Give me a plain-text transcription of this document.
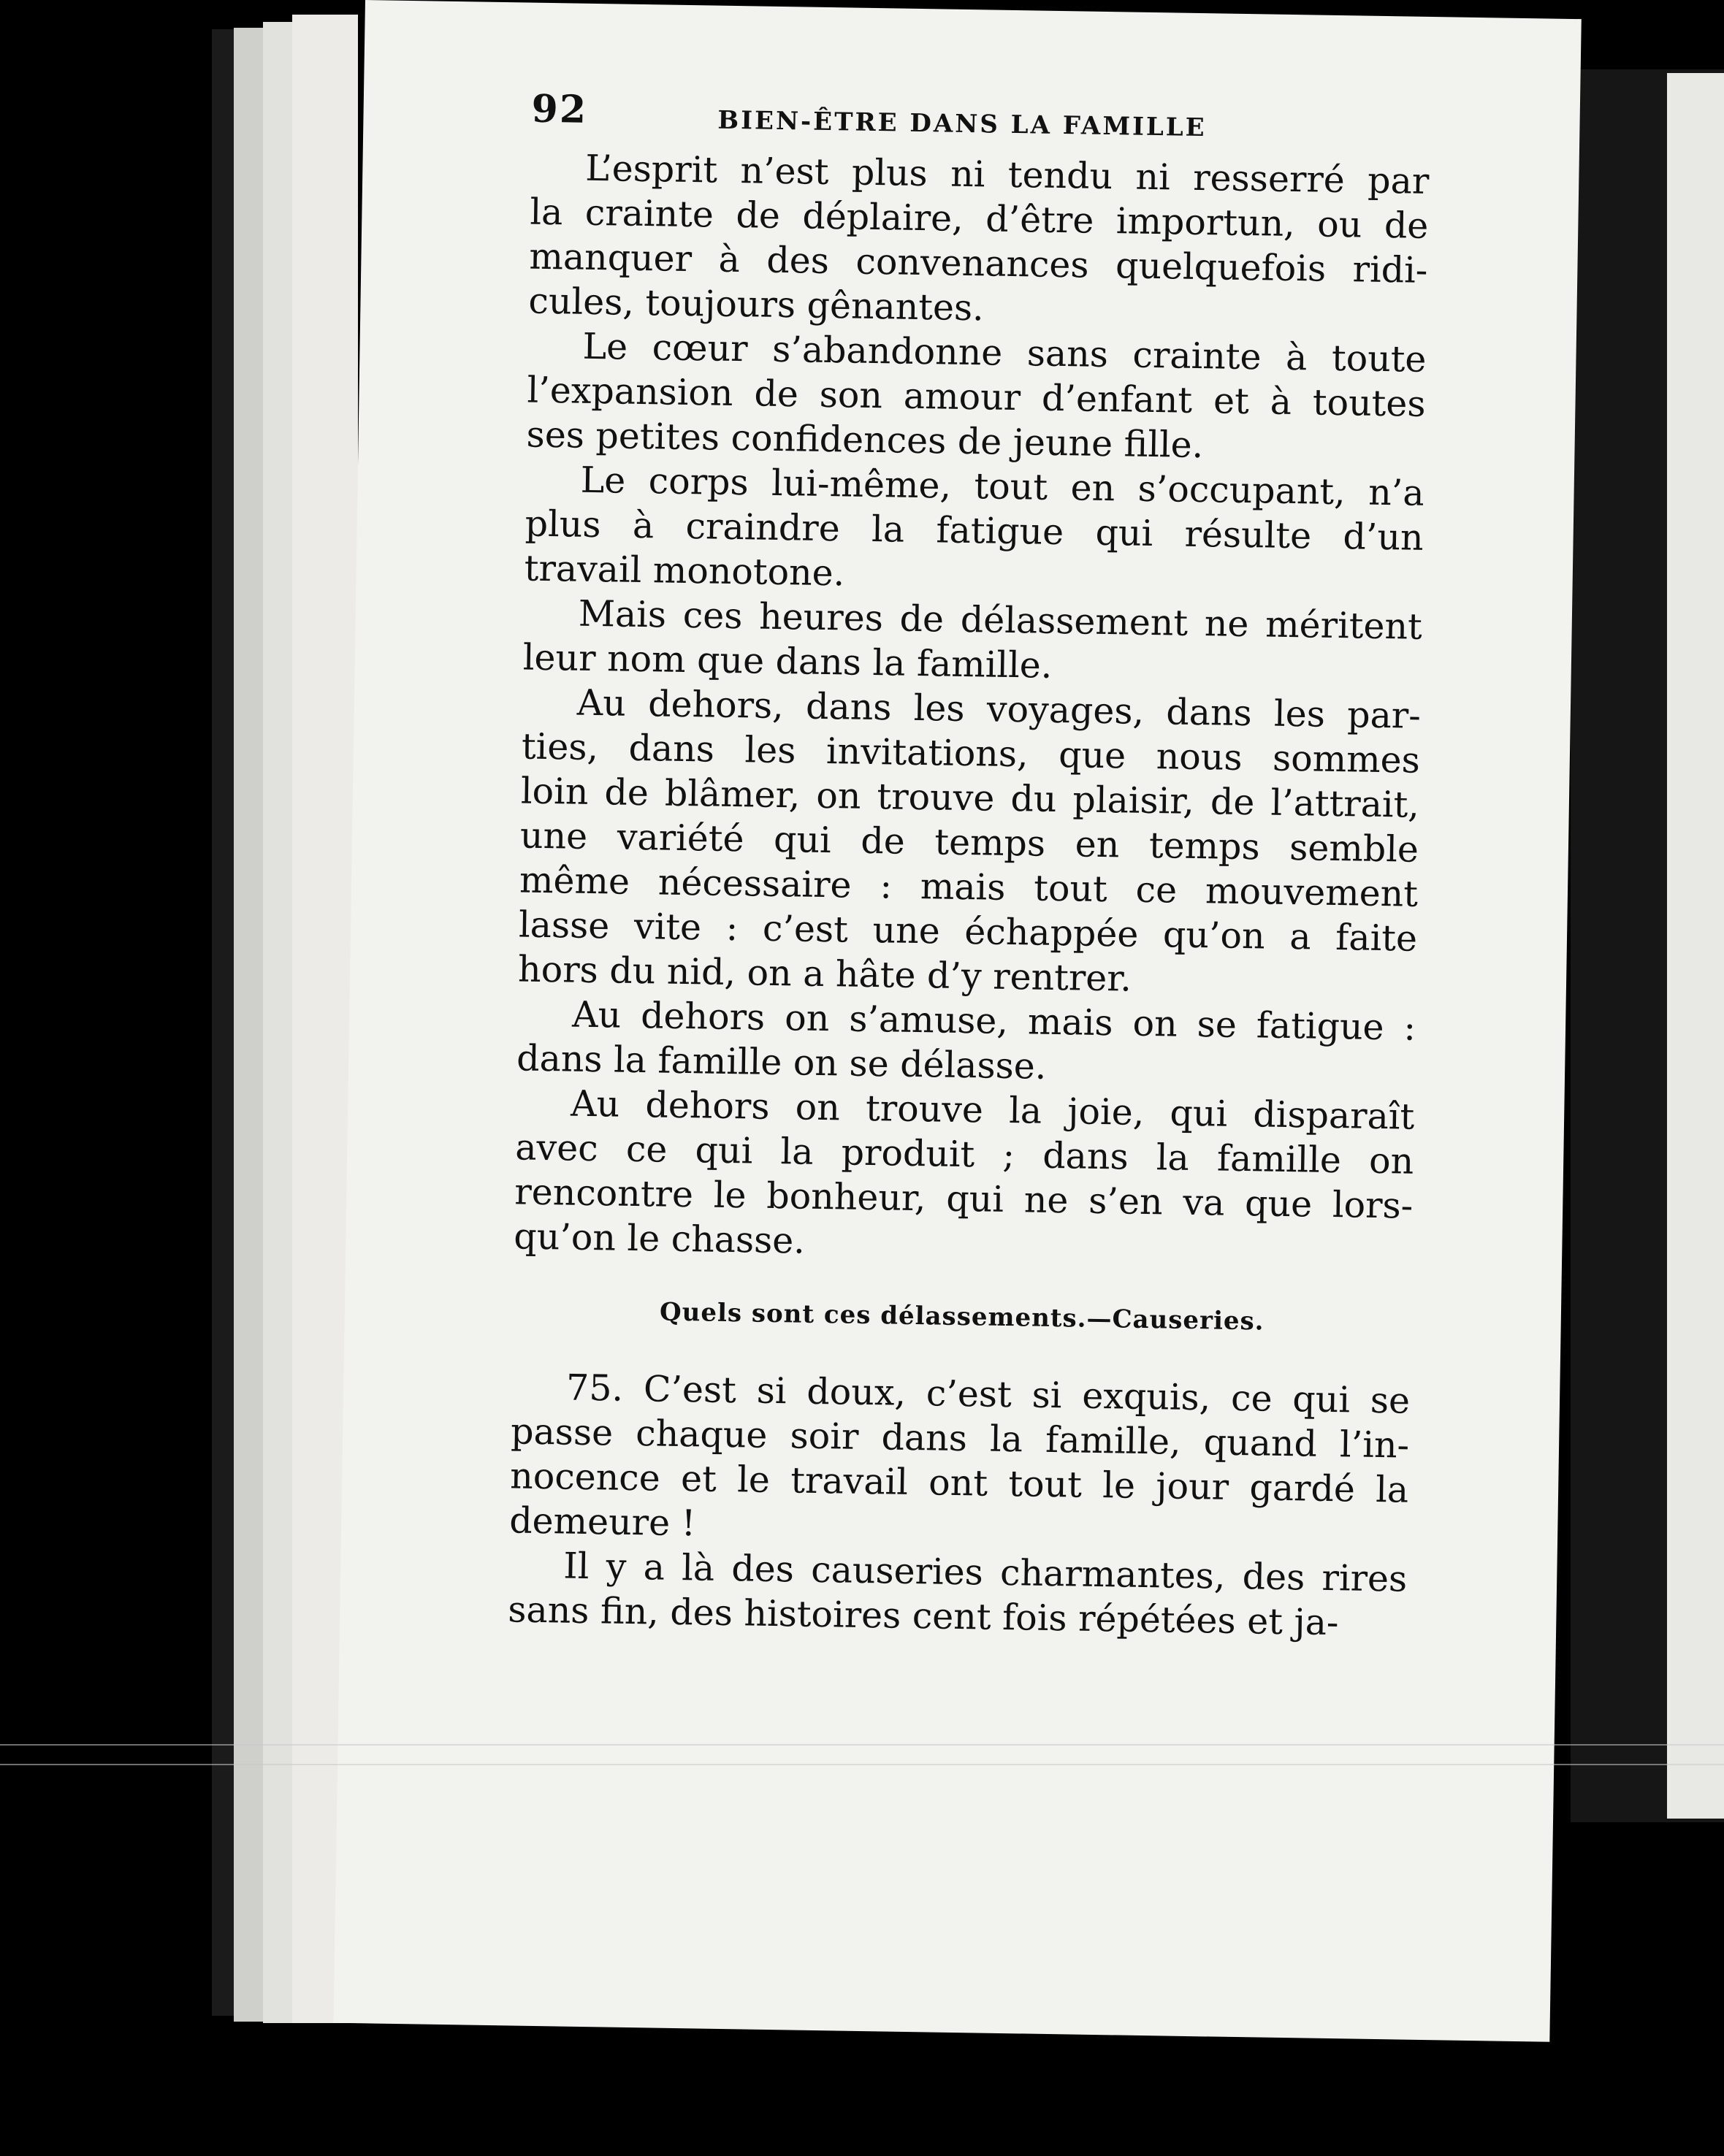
92	BIEN-ÊTRE DANS LA FAMILLE
L’esprit n’est plus ni tendu ni resserré par
la crainte de déplaire, d’être importun, ou de
manquer à des convenances quelquefois ridi-
cules, toujours gênantes.
Le cœur s’abandonne sans crainte à toute
l’expansion de son amour d’enfant et à toutes
ses petites confidences de jeune fille.
Le corps lui-même, tout en s’occupant, n’a
plus à craindre la fatigue qui résulte d’un
travail monotone.
Mais ces heures de délassement ne méritent
leur nom que dans la famille.
Au dehors, dans les voyages, dans les par-
ties, dans les invitations, que nous sommes
loin de blâmer, on trouve du plaisir, de l’attrait,
une variété qui de temps en temps semble
même nécessaire : mais tout ce mouvement
lasse vite : c’est une échappée qu’on a faite
hors du nid, on a hâte d’y rentrer.
Au dehors on s’amuse, mais on se fatigue :
dans la famille on se délasse.
Au dehors on trouve la joie, qui disparaît
avec ce qui la produit ; dans la famille on
rencontre le bonheur, qui ne s’en va que lors-
qu’on le chasse.
Quels sont ces délassements.—Causeries.
75. C’est si doux, c’est si exquis, ce qui se
passe chaque soir dans la famille, quand l’in-
nocence et le travail ont tout le jour gardé la
demeure !
Il y a là des causeries charmantes, des rires
sans fin, des histoires cent fois répétées et ja-
